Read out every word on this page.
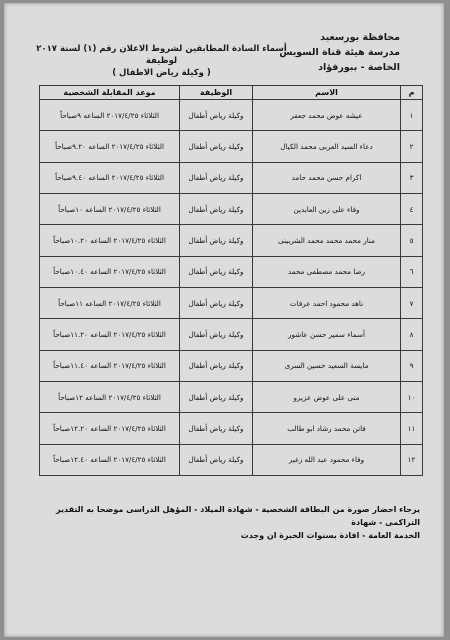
محافظة بورسعيد
مدرسة هيئة قناة السويس
الخاصة - ببورفؤاد
أسماء السادة المطابقين لشروط الاعلان رقم (١) لسنة ٢٠١٧ لوظيفة
( وكيلة رياض الاطفال )
م	الاسم	الوظيفة	موعد المقابلة الشخصية
١	عيشه عوض محمد جعفر	وكيلة رياض أطفال	الثلاثاء ٢٠١٧/٤/٢٥ الساعه ٩صباحاً
٢	دعاء السيد العربى محمد الكيال	وكيلة رياض أطفال	الثلاثاء ٢٠١٧/٤/٢٥ الساعه ٩.٢٠صباحاً
٣	اكرام حسن محمد حامد	وكيلة رياض أطفال	الثلاثاء ٢٠١٧/٤/٢٥ الساعه ٩.٤٠صباحاً
٤	وفاء على زين العابدين	وكيلة رياض أطفال	الثلاثاء ٢٠١٧/٤/٢٥ الساعه ١٠صباحاً
٥	منار محمد محمد محمد الشربينى	وكيلة رياض أطفال	الثلاثاء ٢٠١٧/٤/٢٥ الساعه ١٠.٢٠صباحاً
٦	رضا محمد مصطفى محمد	وكيلة رياض أطفال	الثلاثاء ٢٠١٧/٤/٢٥ الساعه ١٠.٤٠صباحاً
٧	ناهد محمود احمد عرفات	وكيلة رياض أطفال	الثلاثاء ٢٠١٧/٤/٢٥ الساعه ١١صباحاً
٨	أسماء سمير حسن عاشور	وكيلة رياض أطفال	الثلاثاء ٢٠١٧/٤/٢٥ الساعه ١١.٢٠صباحاً
٩	مايسة السعيد حسين السرى	وكيلة رياض أطفال	الثلاثاء ٢٠١٧/٤/٢٥ الساعه ١١.٤٠صباحاً
١٠	منى على عوض عزيزو	وكيلة رياض أطفال	الثلاثاء ٢٠١٧/٤/٢٥ الساعه ١٢صباحاً
١١	فاتن محمد رشاد ابو طالب	وكيلة رياض أطفال	الثلاثاء ٢٠١٧/٤/٢٥ الساعه ١٢.٢٠صباحاً
١٢	وفاء محمود عبد الله زغير	وكيلة رياض أطفال	الثلاثاء ٢٠١٧/٤/٢٥ الساعه ١٢.٤٠صباحاً
يرجاء احضار صورة من البطاقة الشخصية - شهادة الميلاد - المؤهل الدراسى موضحا به التقدير التراكمى - شهادة
الخدمة العامة - افادة بسنوات الخبرة ان وجدت
